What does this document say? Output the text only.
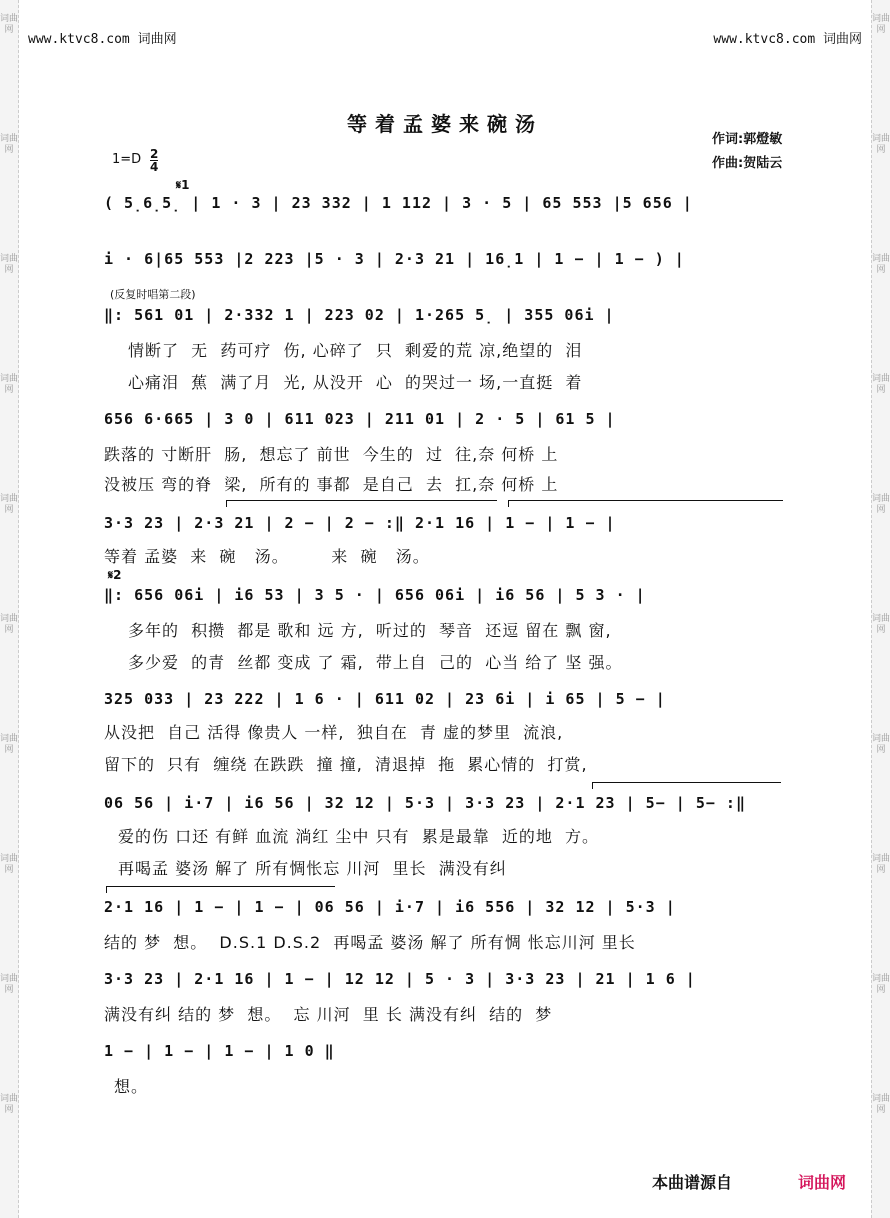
词曲网
词曲网
词曲网
词曲网
词曲网
词曲网
词曲网
词曲网
词曲网
词曲网
词曲网
词曲网
词曲网
词曲网
词曲网
词曲网
词曲网
词曲网
词曲网
词曲网
www.ktvc8.com 词曲网	www.ktvc8.com 词曲网
等着孟婆来碗汤
作词:郭燈敏
作曲:贺陆云
$1=D \frac{2}{4}$
𝄋1
( 5̣6̣5̣ | 1 · 3 | 23 332 | 1 112 | 3 · 5 | 65 553 |5 656 |
i · 6|65 553 |2 223 |5 · 3 | 2·3 21 | 16̣1 | 1 − | 1 − ) |
(反复时唱第二段)
‖: 561 01 | 2·332 1 | 223 02 | 1·265 5̣ | 355 06i |
情断了  无  药可疗  伤, 心碎了  只  剩爱的荒 凉,绝望的  泪
心痛泪  蕉  满了月  光, 从没开  心  的哭过一 场,一直挺  着
656 6·665 | 3 0 | 611 023 | 211 01 | 2 · 5 | 61 5 |
跌落的 寸断肝  肠,  想忘了 前世  今生的  过  往,奈 何桥 上
没被压 弯的脊  梁,  所有的 事都  是自己  去  扛,奈 何桥 上
3·3 23 | 2·3 21 | 2 − | 2 − :‖ 2·1 16 | 1 − | 1 − |
等着 孟婆  来  碗   汤。       来  碗   汤。
𝄋2
‖: 656 06i | i6 53 | 3 5 · | 656 06i | i6 56 | 5 3 · |
多年的  积攒  都是 歌和 远 方,  听过的  琴音  还逗 留在 飘 窗,
多少爱  的青  丝都 变成 了 霜,  带上自  己的  心当 给了 坚 强。
325 033 | 23 222 | 1 6 · | 611 02 | 23 6i | i 65 | 5 − |
从没把  自己 活得 像贵人 一样,  独自在  青 虚的梦里  流浪,
留下的  只有  缠绕 在跌跌  撞 撞,  清退掉  拖  累心情的  打赏,
06 56 | i·7 | i6 56 | 32 12 | 5·3 | 3·3 23 | 2·1 23 | 5− | 5− :‖
爱的伤 口还 有鲜 血流 淌红 尘中 只有  累是最靠  近的地  方。
再喝孟 婆汤 解了 所有惆怅忘 川河  里长  满没有纠
2·1 16 | 1 − | 1 − | 06 56 | i·7 | i6 556 | 32 12 | 5·3 |
结的 梦  想。  D.S.1 D.S.2  再喝孟 婆汤 解了 所有惆 怅忘川河 里长
3·3 23 | 2·1 16 | 1 − | 12 12 | 5 · 3 | 3·3 23 | 21 | 1 6 |
满没有纠 结的 梦  想。  忘 川河  里 长 满没有纠  结的  梦
1 − | 1 − | 1 − | 1 0 ‖
想。
本曲谱源自	词曲网
